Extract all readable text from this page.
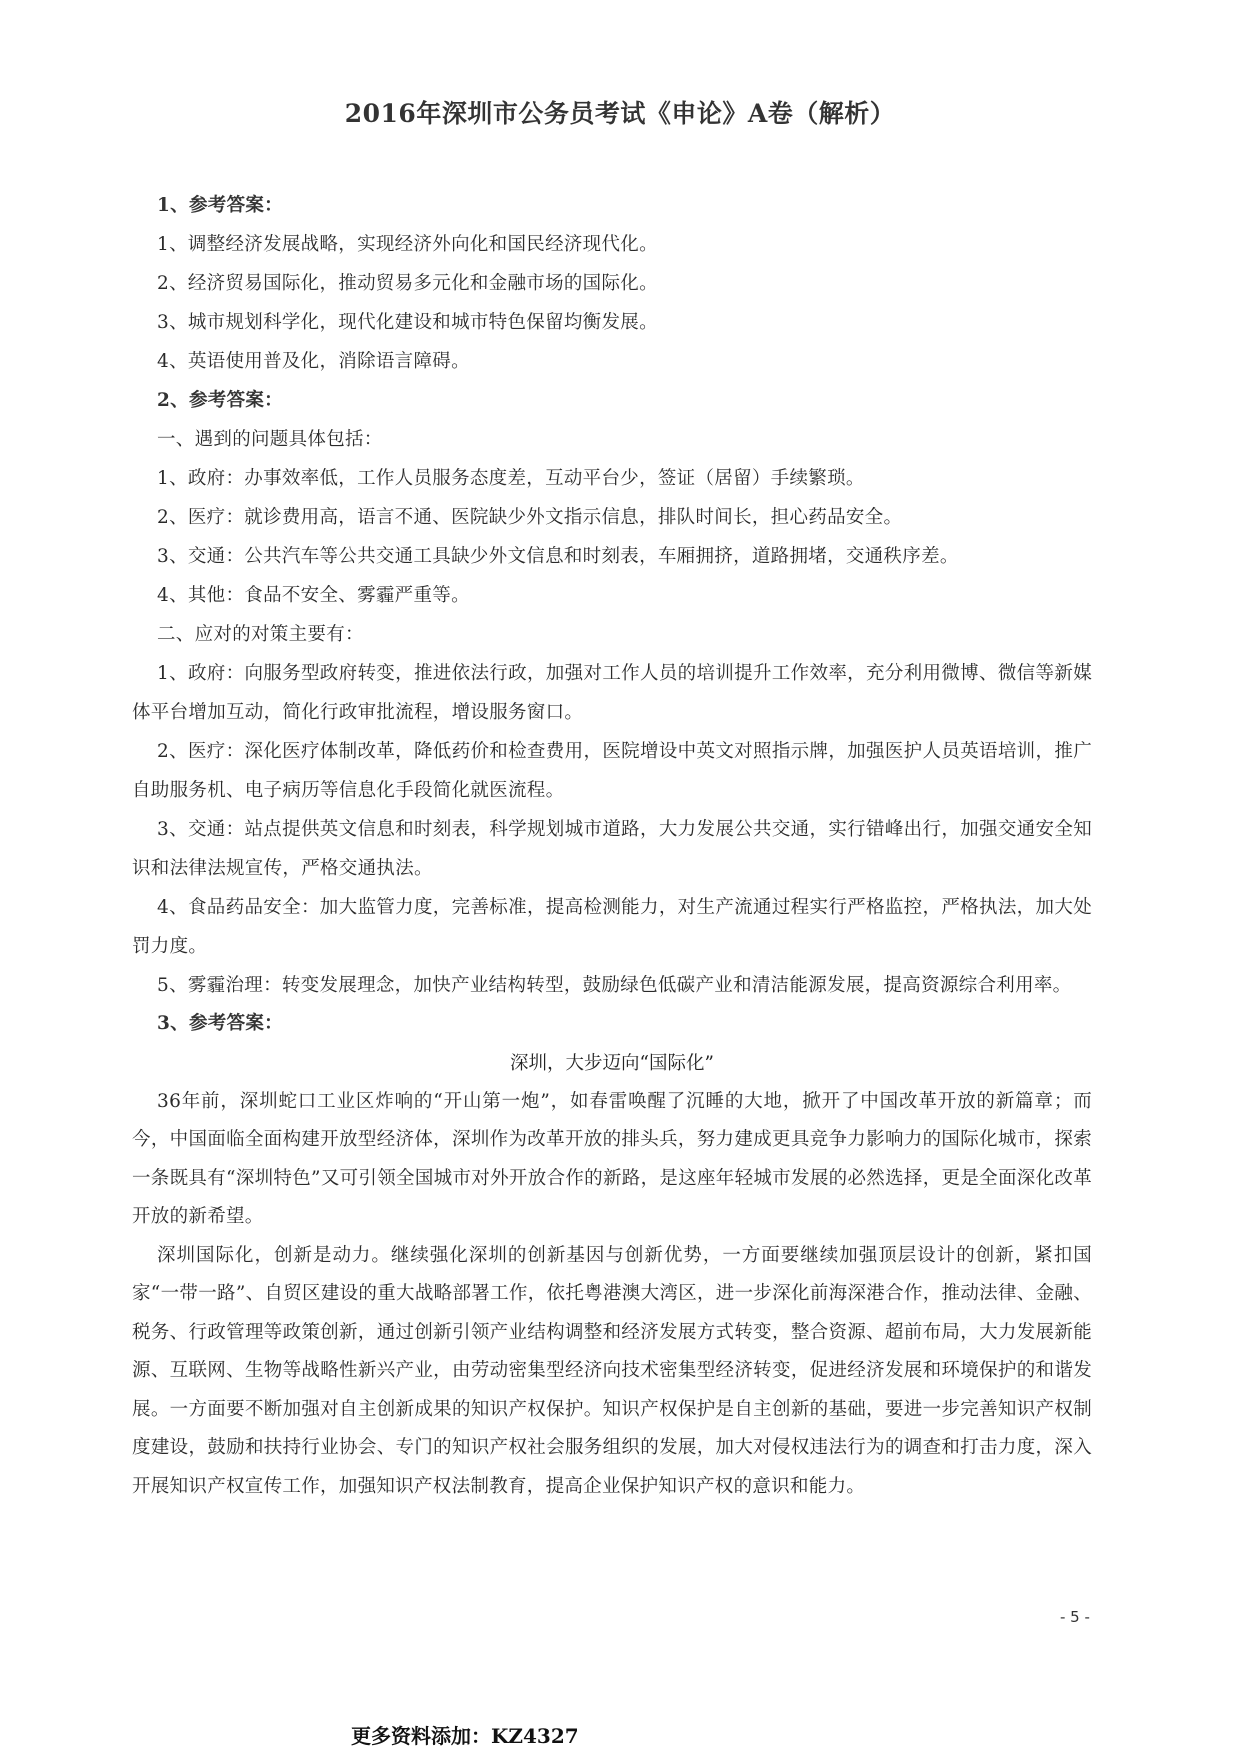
2016年深圳市公务员考试《申论》A卷（解析）

1、参考答案：

1、调整经济发展战略，实现经济外向化和国民经济现代化。

2、经济贸易国际化，推动贸易多元化和金融市场的国际化。

3、城市规划科学化，现代化建设和城市特色保留均衡发展。

4、英语使用普及化，消除语言障碍。

2、参考答案：

一、遇到的问题具体包括：

1、政府：办事效率低，工作人员服务态度差，互动平台少，签证（居留）手续繁琐。

2、医疗：就诊费用高，语言不通、医院缺少外文指示信息，排队时间长，担心药品安全。

3、交通：公共汽车等公共交通工具缺少外文信息和时刻表，车厢拥挤，道路拥堵，交通秩序差。

4、其他：食品不安全、雾霾严重等。

二、应对的对策主要有：

1、政府：向服务型政府转变，推进依法行政，加强对工作人员的培训提升工作效率，充分利用微博、微信等新媒体平台增加互动，简化行政审批流程，增设服务窗口。

2、医疗：深化医疗体制改革，降低药价和检查费用，医院增设中英文对照指示牌，加强医护人员英语培训，推广自助服务机、电子病历等信息化手段简化就医流程。

3、交通：站点提供英文信息和时刻表，科学规划城市道路，大力发展公共交通，实行错峰出行，加强交通安全知识和法律法规宣传，严格交通执法。

4、食品药品安全：加大监管力度，完善标准，提高检测能力，对生产流通过程实行严格监控，严格执法，加大处罚力度。

5、雾霾治理：转变发展理念，加快产业结构转型，鼓励绿色低碳产业和清洁能源发展，提高资源综合利用率。

3、参考答案：

深圳，大步迈向“国际化”

36年前，深圳蛇口工业区炸响的“开山第一炮”，如春雷唤醒了沉睡的大地，掀开了中国改革开放的新篇章；而今，中国面临全面构建开放型经济体，深圳作为改革开放的排头兵，努力建成更具竞争力影响力的国际化城市，探索一条既具有“深圳特色”又可引领全国城市对外开放合作的新路，是这座年轻城市发展的必然选择，更是全面深化改革开放的新希望。

深圳国际化，创新是动力。继续强化深圳的创新基因与创新优势，一方面要继续加强顶层设计的创新，紧扣国家“一带一路”、自贸区建设的重大战略部署工作，依托粤港澳大湾区，进一步深化前海深港合作，推动法律、金融、税务、行政管理等政策创新，通过创新引领产业结构调整和经济发展方式转变，整合资源、超前布局，大力发展新能源、互联网、生物等战略性新兴产业，由劳动密集型经济向技术密集型经济转变，促进经济发展和环境保护的和谐发展。一方面要不断加强对自主创新成果的知识产权保护。知识产权保护是自主创新的基础，要进一步完善知识产权制度建设，鼓励和扶持行业协会、专门的知识产权社会服务组织的发展，加大对侵权违法行为的调查和打击力度，深入开展知识产权宣传工作，加强知识产权法制教育，提高企业保护知识产权的意识和能力。

- 5 -
更多资料添加：KZ4327
